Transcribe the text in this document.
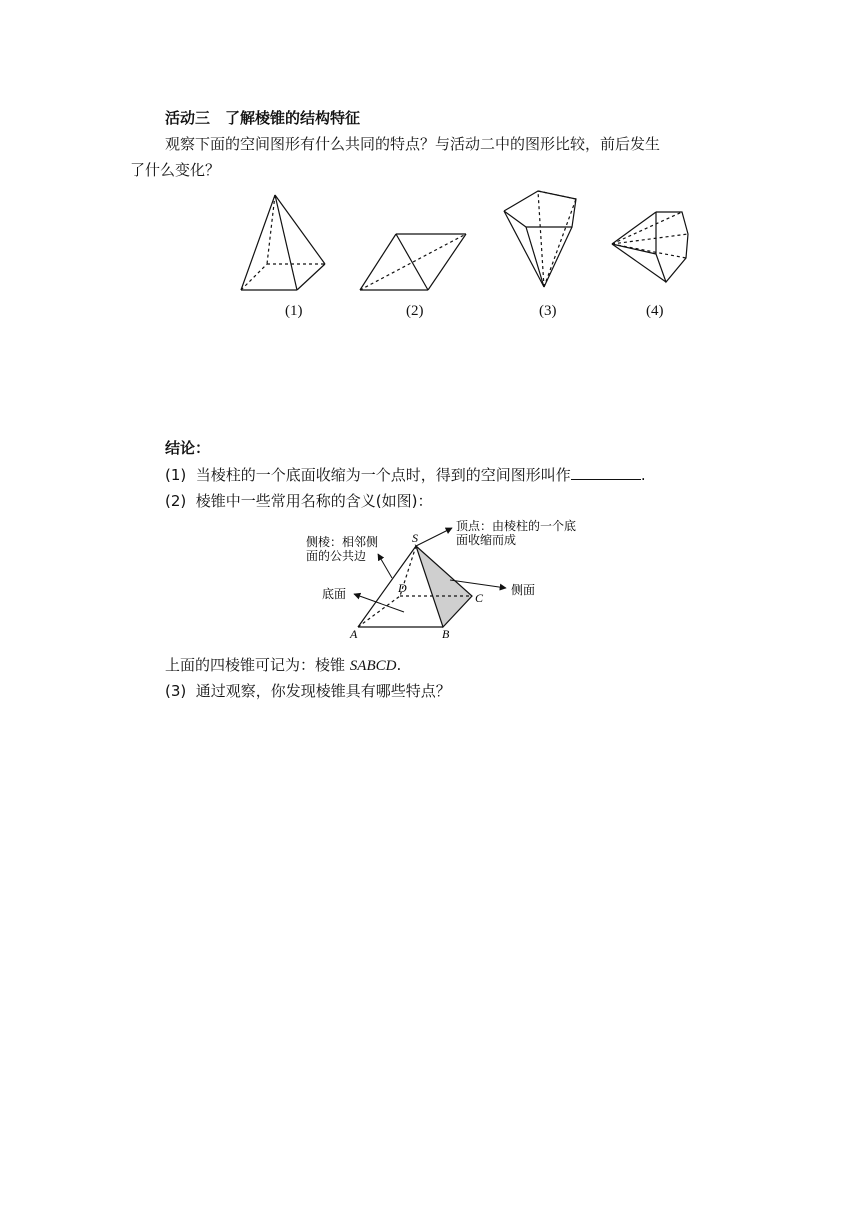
活动三　了解棱锥的结构特征
观察下面的空间图形有什么共同的特点？与活动二中的图形比较，前后发生
了什么变化？
(1)	(2)	(3)	(4)
结论：
(1) 当棱柱的一个底面收缩为一个点时，得到的空间图形叫作	.
(2) 棱锥中一些常用名称的含义(如图)：
侧棱：相邻侧
面的公共边
顶点：由棱柱的一个底
面收缩而成
底面	侧面
S
D
C
A	B
上面的四棱锥可记为：棱锥 SABCD.
(3) 通过观察，你发现棱锥具有哪些特点？
